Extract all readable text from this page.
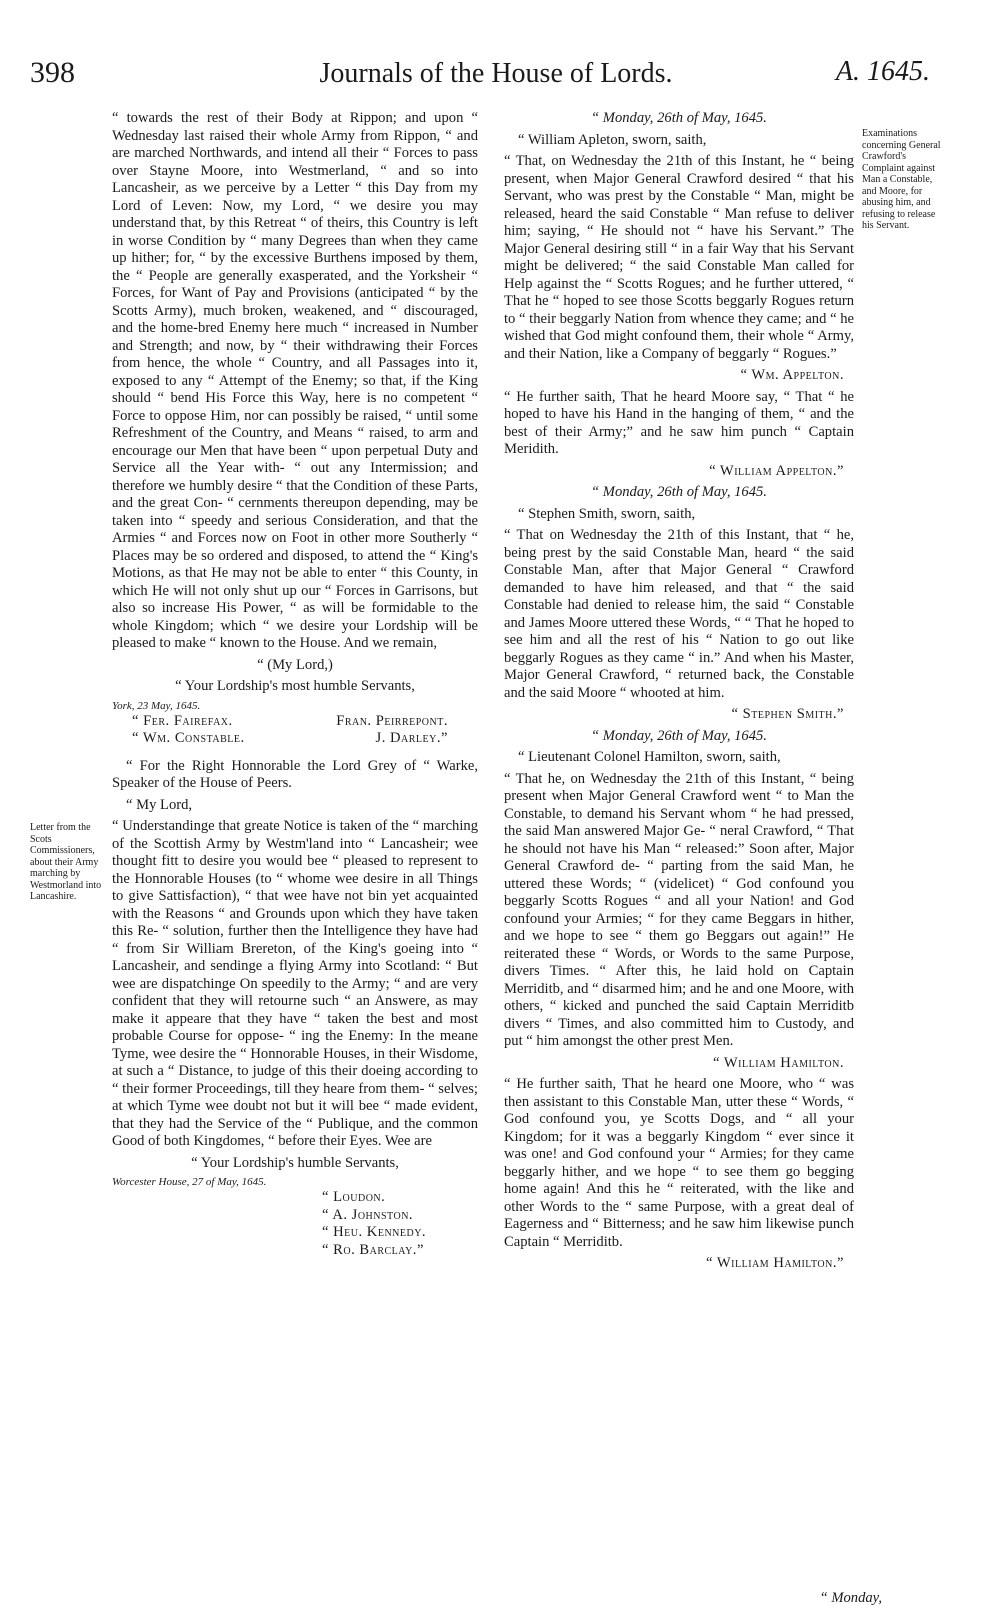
398	Journals of the House of Lords.	A. 1645.
Letter from the Scots Commissioners, about their Army marching by Westmorland into Lancashire.
Examinations concerning General Crawford's Complaint against Man a Constable, and Moore, for abusing him, and refusing to release his Servant.

“ towards the rest of their Body at Rippon; and upon “ Wednesday last raised their whole Army from Rippon, “ and are marched Northwards, and intend all their “ Forces to pass over Stayne Moore, into Westmerland, “ and so into Lancasheir, as we perceive by a Letter “ this Day from my Lord of Leven: Now, my Lord, “ we desire you may understand that, by this Retreat “ of theirs, this Country is left in worse Condition by “ many Degrees than when they came up hither; for, “ by the excessive Burthens imposed by them, the “ People are generally exasperated, and the Yorksheir “ Forces, for Want of Pay and Provisions (anticipated “ by the Scotts Army), much broken, weakened, and “ discouraged, and the home-bred Enemy here much “ increased in Number and Strength; and now, by “ their withdrawing their Forces from hence, the whole “ Country, and all Passages into it, exposed to any “ Attempt of the Enemy; so that, if the King should “ bend His Force this Way, here is no competent “ Force to oppose Him, nor can possibly be raised, “ until some Refreshment of the Country, and Means “ raised, to arm and encourage our Men that have been “ upon perpetual Duty and Service all the Year with- “ out any Intermission; and therefore we humbly desire “ that the Condition of these Parts, and the great Con- “ cernments thereupon depending, may be taken into “ speedy and serious Consideration, and that the Armies “ and Forces now on Foot in other more Southerly “ Places may be so ordered and disposed, to attend the “ King's Motions, as that He may not be able to enter “ this County, in which He will not only shut up our “ Forces in Garrisons, but also so increase His Power, “ as will be formidable to the whole Kingdom; which “ we desire your Lordship will be pleased to make “ known to the House. And we remain,

“ (My Lord,)

“ Your Lordship's most humble Servants,

York, 23 May, 1645.
“ Fer. Fairefax.	Fran. Peirrepont.
“ Wm. Constable.	J. Darley.”

“ For the Right Honnorable the Lord Grey of “ Warke, Speaker of the House of Peers.

“ My Lord,

“ Understandinge that greate Notice is taken of the “ marching of the Scottish Army by Westm'land into “ Lancasheir; wee thought fitt to desire you would bee “ pleased to represent to the Honnorable Houses (to “ whome wee desire in all Things to give Sattisfaction), “ that wee have not bin yet acquainted with the Reasons “ and Grounds upon which they have taken this Re- “ solution, further then the Intelligence they have had “ from Sir William Brereton, of the King's goeing into “ Lancasheir, and sendinge a flying Army into Scotland: “ But wee are dispatchinge On speedily to the Army; “ and are very confident that they will retourne such “ an Answere, as may make it appeare that they have “ taken the best and most probable Course for oppose- “ ing the Enemy: In the meane Tyme, wee desire the “ Honnorable Houses, in their Wisdome, at such a “ Distance, to judge of this their doeing according to “ their former Proceedings, till they heare from them- “ selves; at which Tyme wee doubt not but it will bee “ made evident, that they had the Service of the “ Publique, and the common Good of both Kingdomes, “ before their Eyes. Wee are

“ Your Lordship's humble Servants,

Worcester House, 27 of May, 1645.
“ Loudon.
“ A. Johnston.
“ Heu. Kennedy.
“ Ro. Barclay.”

“ Monday, 26th of May, 1645.

“ William Apleton, sworn, saith,

“ That, on Wednesday the 21th of this Instant, he “ being present, when Major General Crawford desired “ that his Servant, who was prest by the Constable “ Man, might be released, heard the said Constable “ Man refuse to deliver him; saying, “ He should not “ have his Servant.” The Major General desiring still “ in a fair Way that his Servant might be delivered; “ the said Constable Man called for Help against the “ Scotts Rogues; and he further uttered, “ That he “ hoped to see those Scotts beggarly Rogues return to “ their beggarly Nation from whence they came; and “ he wished that God might confound them, their whole “ Army, and their Nation, like a Company of beggarly “ Rogues.”

“ Wm. Appelton.

“ He further saith, That he heard Moore say, “ That “ he hoped to have his Hand in the hanging of them, “ and the best of their Army;” and he saw him punch “ Captain Meridith.

“ William Appelton.”

“ Monday, 26th of May, 1645.

“ Stephen Smith, sworn, saith,

“ That on Wednesday the 21th of this Instant, that “ he, being prest by the said Constable Man, heard “ the said Constable Man, after that Major General “ Crawford demanded to have him released, and that “ the said Constable had denied to release him, the said “ Constable and James Moore uttered these Words, “ “ That he hoped to see him and all the rest of his “ Nation to go out like beggarly Rogues as they came “ in.” And when his Master, Major General Crawford, “ returned back, the Constable and the said Moore “ whooted at him.

“ Stephen Smith.”

“ Monday, 26th of May, 1645.

“ Lieutenant Colonel Hamilton, sworn, saith,

“ That he, on Wednesday the 21th of this Instant, “ being present when Major General Crawford went “ to Man the Constable, to demand his Servant whom “ he had pressed, the said Man answered Major Ge- “ neral Crawford, “ That he should not have his Man “ released:” Soon after, Major General Crawford de- “ parting from the said Man, he uttered these Words; “ (videlicet) “ God confound you beggarly Scotts Rogues “ and all your Nation! and God confound your Armies; “ for they came Beggars in hither, and we hope to see “ them go Beggars out again!” He reiterated these “ Words, or Words to the same Purpose, divers Times. “ After this, he laid hold on Captain Merriditb, and “ disarmed him; and he and one Moore, with others, “ kicked and punched the said Captain Merriditb divers “ Times, and also committed him to Custody, and put “ him amongst the other prest Men.

“ William Hamilton.

“ He further saith, That he heard one Moore, who “ was then assistant to this Constable Man, utter these “ Words, “ God confound you, ye Scotts Dogs, and “ all your Kingdom; for it was a beggarly Kingdom “ ever since it was one! and God confound your “ Armies; for they came beggarly hither, and we hope “ to see them go begging home again! And this he “ reiterated, with the like and other Words to the “ same Purpose, with a great deal of Eagerness and “ Bitterness; and he saw him likewise punch Captain “ Merriditb.

“ William Hamilton.”

“ Monday,
